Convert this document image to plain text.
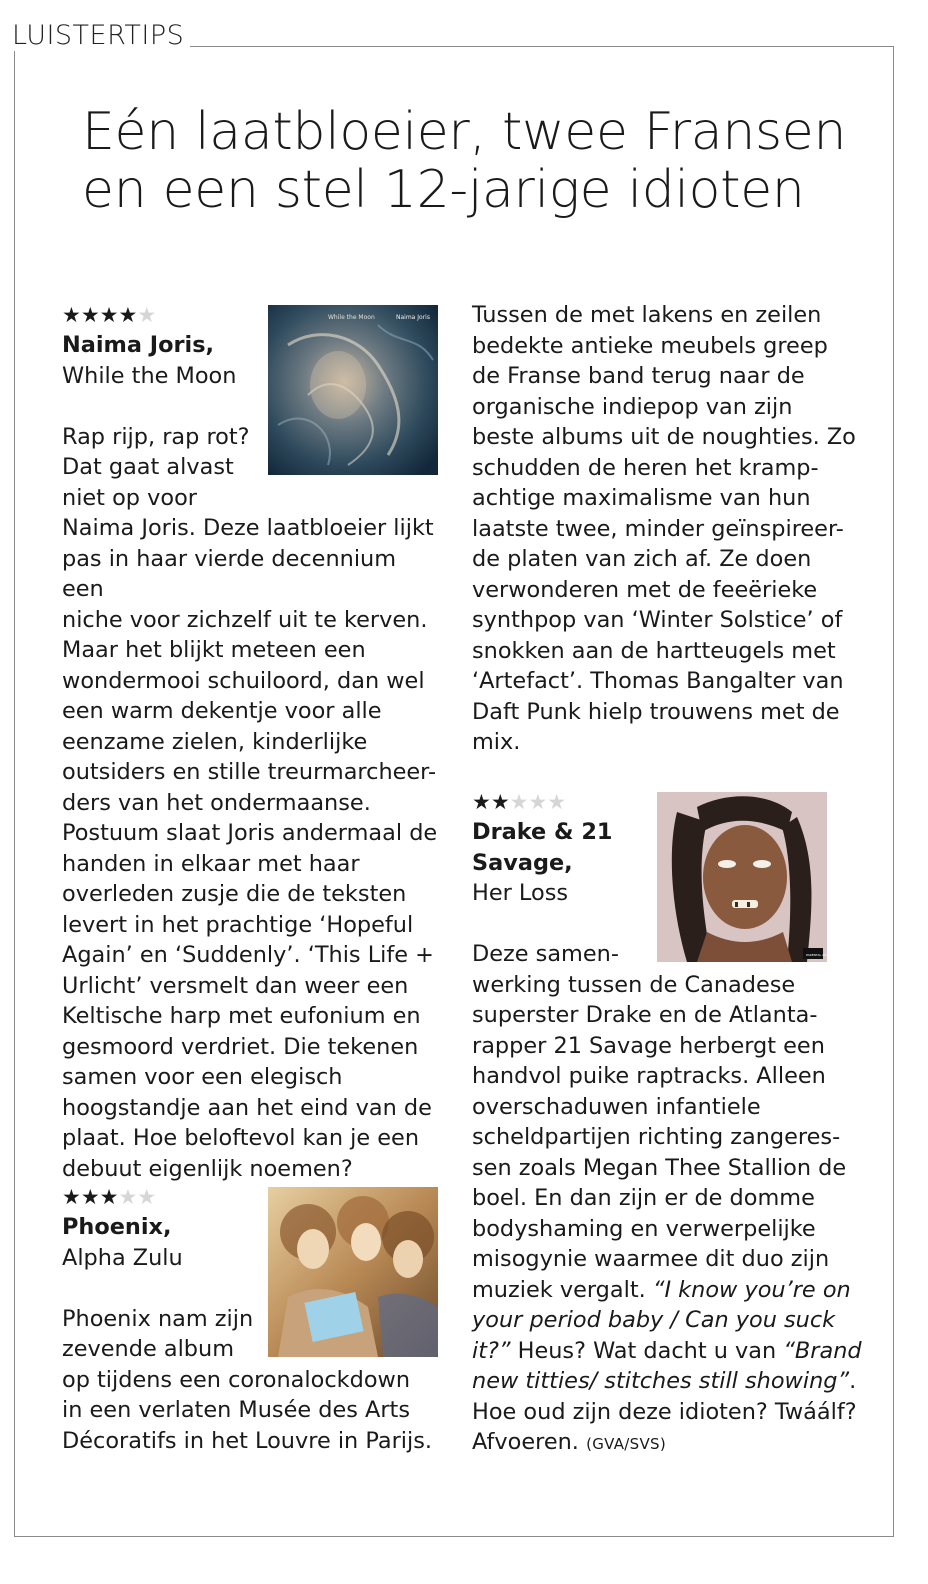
LUISTERTIPS
Eén laatbloeier, twee Fransen
en een stel 12-jarige idioten
While the Moon	Naima Joris
PARENTAL ADVISORY
★★★★★

Naima Joris,

While the Moon

Rap rijp, rap rot?

Dat gaat alvast

niet op voor

Naima Joris. Deze laatbloeier lijkt

pas in haar vierde decennium een

niche voor zichzelf uit te kerven.

Maar het blijkt meteen een

wondermooi schuiloord, dan wel

een warm dekentje voor alle

eenzame zielen, kinderlijke

outsiders en stille treurmarcheer-

ders van het ondermaanse.

Postuum slaat Joris andermaal de

handen in elkaar met haar

overleden zusje die de teksten

levert in het prachtige ‘Hopeful

Again’ en ‘Suddenly’. ‘This Life +

Urlicht’ versmelt dan weer een

Keltische harp met eufonium en

gesmoord verdriet. Die tekenen

samen voor een elegisch

hoogstandje aan het eind van de

plaat. Hoe beloftevol kan je een

debuut eigenlijk noemen?

★★★★★

Phoenix,

Alpha Zulu

Phoenix nam zijn

zevende album

op tijdens een coronalockdown

in een verlaten Musée des Arts

Décoratifs in het Louvre in Parijs.

Tussen de met lakens en zeilen

bedekte antieke meubels greep

de Franse band terug naar de

organische indiepop van zijn

beste albums uit de noughties. Zo

schudden de heren het kramp-

achtige maximalisme van hun

laatste twee, minder geïnspireer-

de platen van zich af. Ze doen

verwonderen met de feeërieke

synthpop van ‘Winter Solstice’ of

snokken aan de hartteugels met

‘Artefact’. Thomas Bangalter van

Daft Punk hielp trouwens met de

mix.

★★★★★

Drake & 21

Savage,

Her Loss

Deze samen-

werking tussen de Canadese

superster Drake en de Atlanta-

rapper 21 Savage herbergt een

handvol puike raptracks. Alleen

overschaduwen infantiele

scheldpartijen richting zangeres-

sen zoals Megan Thee Stallion de

boel. En dan zijn er de domme

bodyshaming en verwerpelijke

misogynie waarmee dit duo zijn

muziek vergalt. “I know you’re on

your period baby / Can you suck

it?” Heus? Wat dacht u van “Brand

new titties/ stitches still showing”.

Hoe oud zijn deze idioten? Twáálf?

Afvoeren. (GVA/SVS)
